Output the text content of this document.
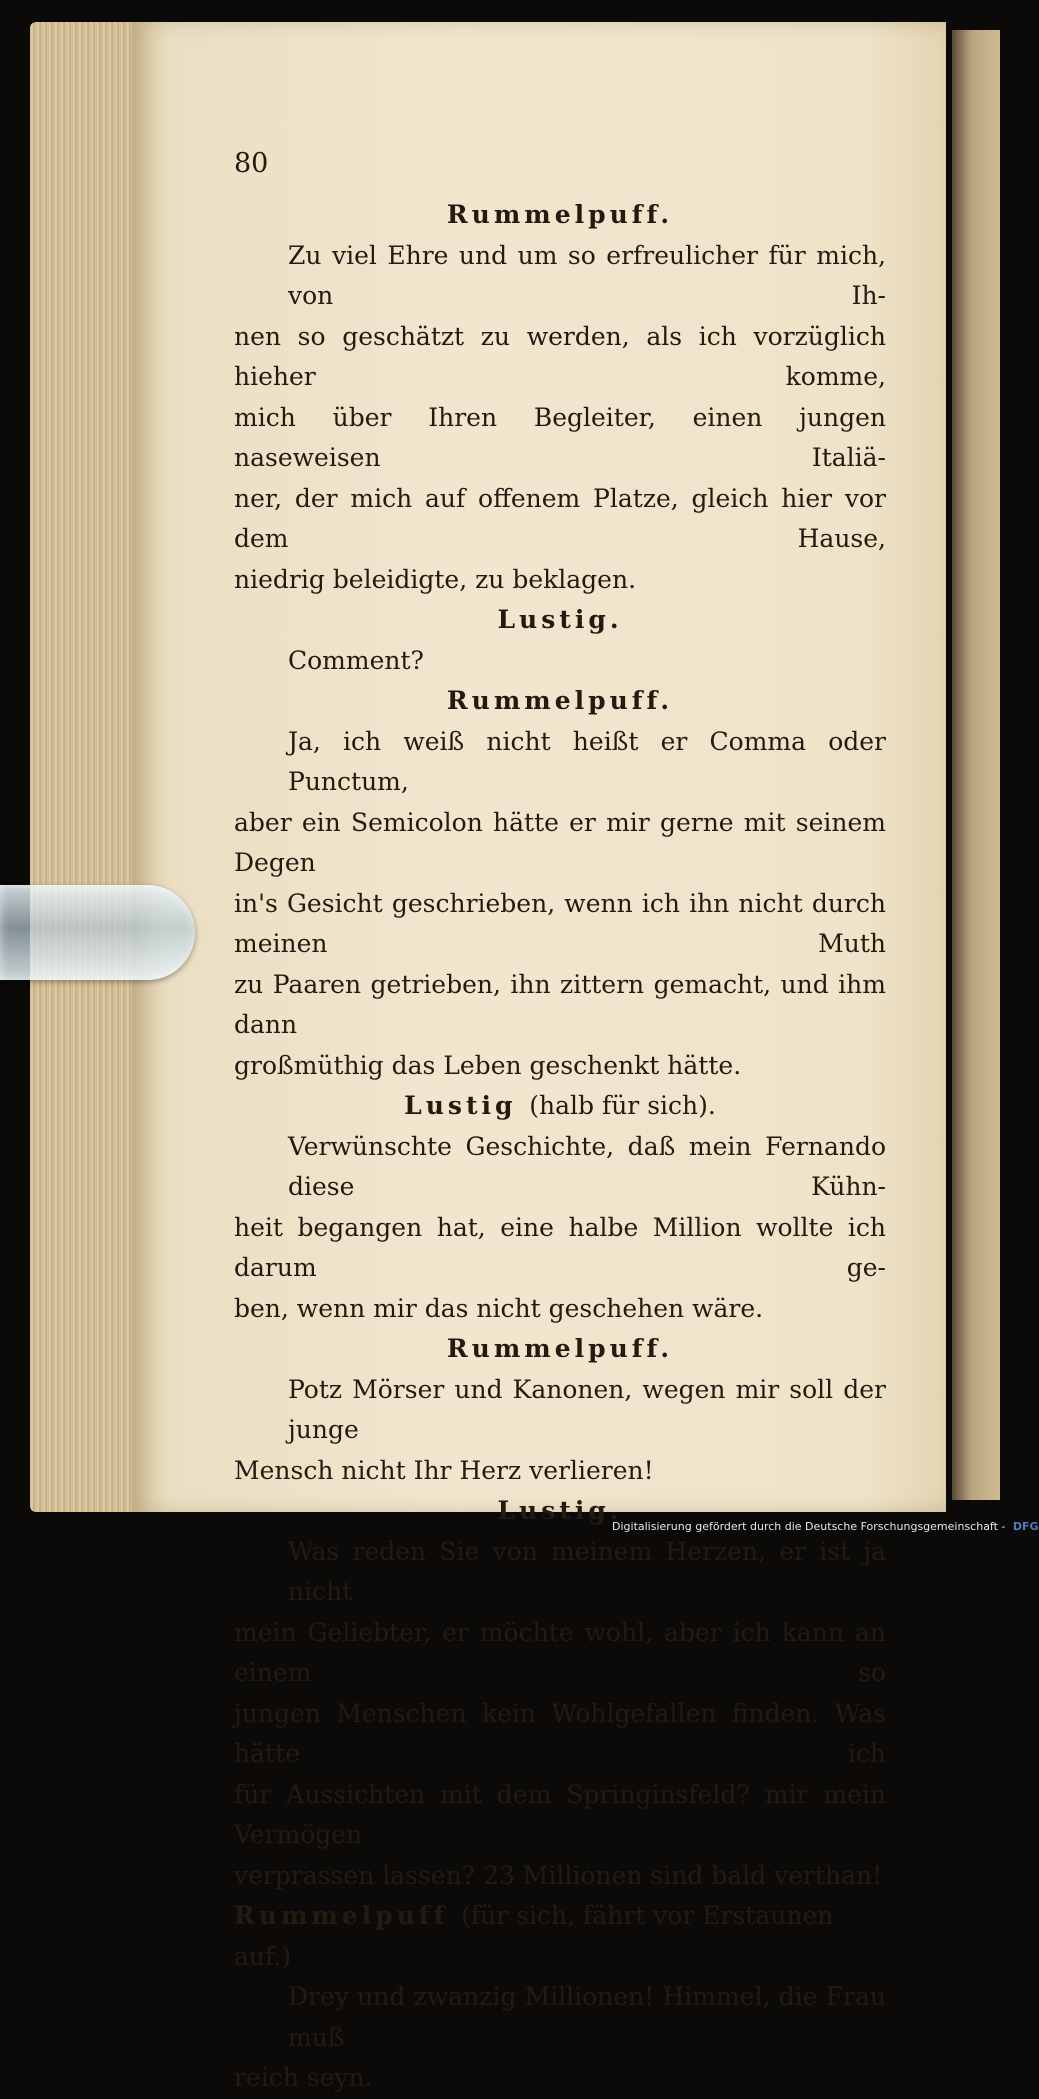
80
Rummelpuff.
Zu viel Ehre und um so erfreulicher für mich, von Ih-
nen so geschätzt zu werden, als ich vorzüglich hieher komme,
mich über Ihren Begleiter, einen jungen naseweisen Italiä-
ner, der mich auf offenem Platze, gleich hier vor dem Hause,
niedrig beleidigte, zu beklagen.
Lustig.
Comment?
Rummelpuff.
Ja, ich weiß nicht heißt er Comma oder Punctum,
aber ein Semicolon hätte er mir gerne mit seinem Degen
in's Gesicht geschrieben, wenn ich ihn nicht durch meinen Muth
zu Paaren getrieben, ihn zittern gemacht, und ihm dann
großmüthig das Leben geschenkt hätte.
Lustig (halb für sich).
Verwünschte Geschichte, daß mein Fernando diese Kühn-
heit begangen hat, eine halbe Million wollte ich darum ge-
ben, wenn mir das nicht geschehen wäre.
Rummelpuff.
Potz Mörser und Kanonen, wegen mir soll der junge
Mensch nicht Ihr Herz verlieren!
Lustig.
Was reden Sie von meinem Herzen, er ist ja nicht
mein Geliebter, er möchte wohl, aber ich kann an einem so
jungen Menschen kein Wohlgefallen finden. Was hätte ich
für Aussichten mit dem Springinsfeld? mir mein Vermögen
verprassen lassen? 23 Millionen sind bald verthan!
Rummelpuff (für sich, fährt vor Erstaunen auf.)
Drey und zwanzig Millionen! Himmel, die Frau muß
reich seyn.
Digitalisierung gefördert durch die Deutsche Forschungsgemeinschaft - DFG
